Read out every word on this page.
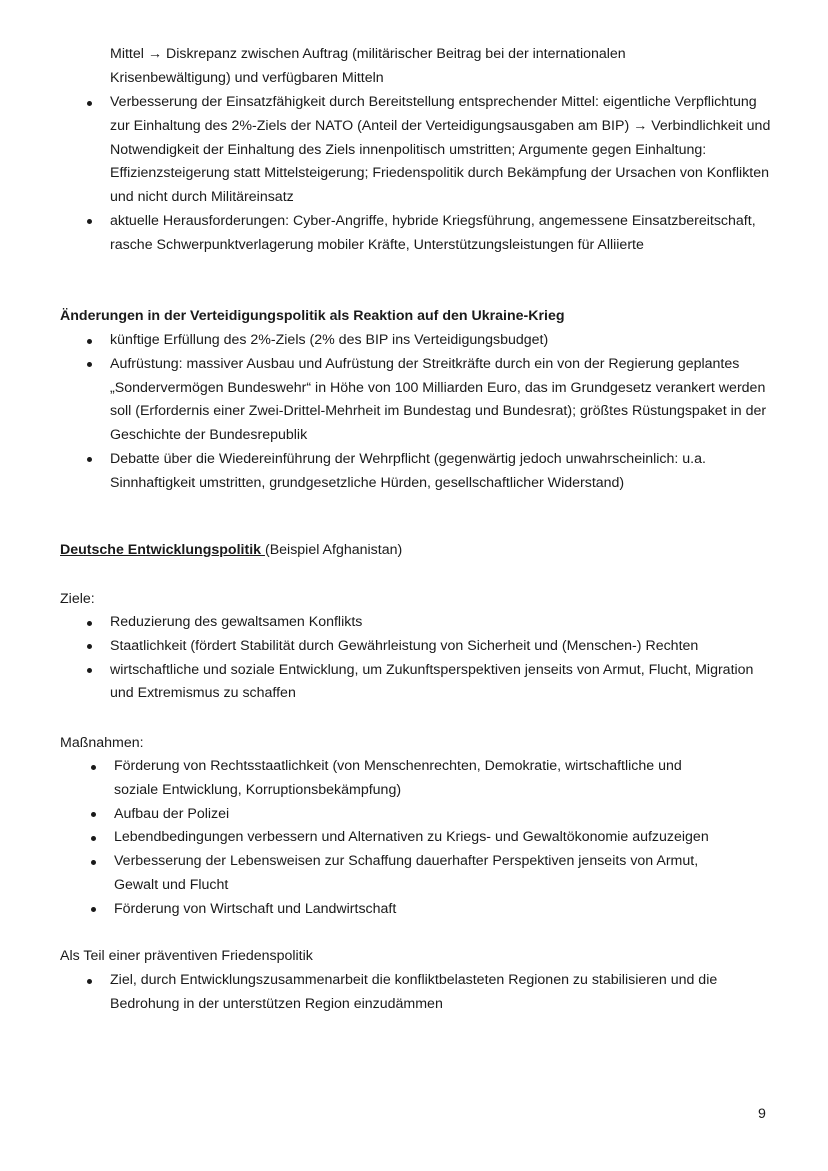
Mittel → Diskrepanz zwischen Auftrag (militärischer Beitrag bei der internationalen Krisenbewältigung) und verfügbaren Mitteln
Verbesserung der Einsatzfähigkeit durch Bereitstellung entsprechender Mittel: eigentliche Verpflichtung zur Einhaltung des 2%-Ziels der NATO (Anteil der Verteidigungsausgaben am BIP) → Verbindlichkeit und Notwendigkeit der Einhaltung des Ziels innenpolitisch umstritten; Argumente gegen Einhaltung: Effizienzsteigerung statt Mittelsteigerung; Friedenspolitik durch Bekämpfung der Ursachen von Konflikten und nicht durch Militäreinsatz
aktuelle Herausforderungen: Cyber-Angriffe, hybride Kriegsführung, angemessene Einsatzbereitschaft, rasche Schwerpunktverlagerung mobiler Kräfte, Unterstützungsleistungen für Alliierte
Änderungen in der Verteidigungspolitik als Reaktion auf den Ukraine-Krieg
künftige Erfüllung des 2%-Ziels (2% des BIP ins Verteidigungsbudget)
Aufrüstung: massiver Ausbau und Aufrüstung der Streitkräfte durch ein von der Regierung geplantes „Sondervermögen Bundeswehr“ in Höhe von 100 Milliarden Euro, das im Grundgesetz verankert werden soll (Erfordernis einer Zwei-Drittel-Mehrheit im Bundestag und Bundesrat); größtes Rüstungspaket in der Geschichte der Bundesrepublik
Debatte über die Wiedereinführung der Wehrpflicht (gegenwärtig jedoch unwahrscheinlich: u.a. Sinnhaftigkeit umstritten, grundgesetzliche Hürden, gesellschaftlicher Widerstand)
Deutsche Entwicklungspolitik (Beispiel Afghanistan)
Ziele:
Reduzierung des gewaltsamen Konflikts
Staatlichkeit (fördert Stabilität durch Gewährleistung von Sicherheit und (Menschen-) Rechten
wirtschaftliche und soziale Entwicklung, um Zukunftsperspektiven jenseits von Armut, Flucht, Migration und Extremismus zu schaffen
Maßnahmen:
Förderung von Rechtsstaatlichkeit (von Menschenrechten, Demokratie, wirtschaftliche und soziale Entwicklung, Korruptionsbekämpfung)
Aufbau der Polizei
Lebendbedingungen verbessern und Alternativen zu Kriegs- und Gewaltökonomie aufzuzeigen
Verbesserung der Lebensweisen zur Schaffung dauerhafter Perspektiven jenseits von Armut, Gewalt und Flucht
Förderung von Wirtschaft und Landwirtschaft
Als Teil einer präventiven Friedenspolitik
Ziel, durch Entwicklungszusammenarbeit die konfliktbelasteten Regionen zu stabilisieren und die Bedrohung in der unterstützen Region einzudämmen
9
